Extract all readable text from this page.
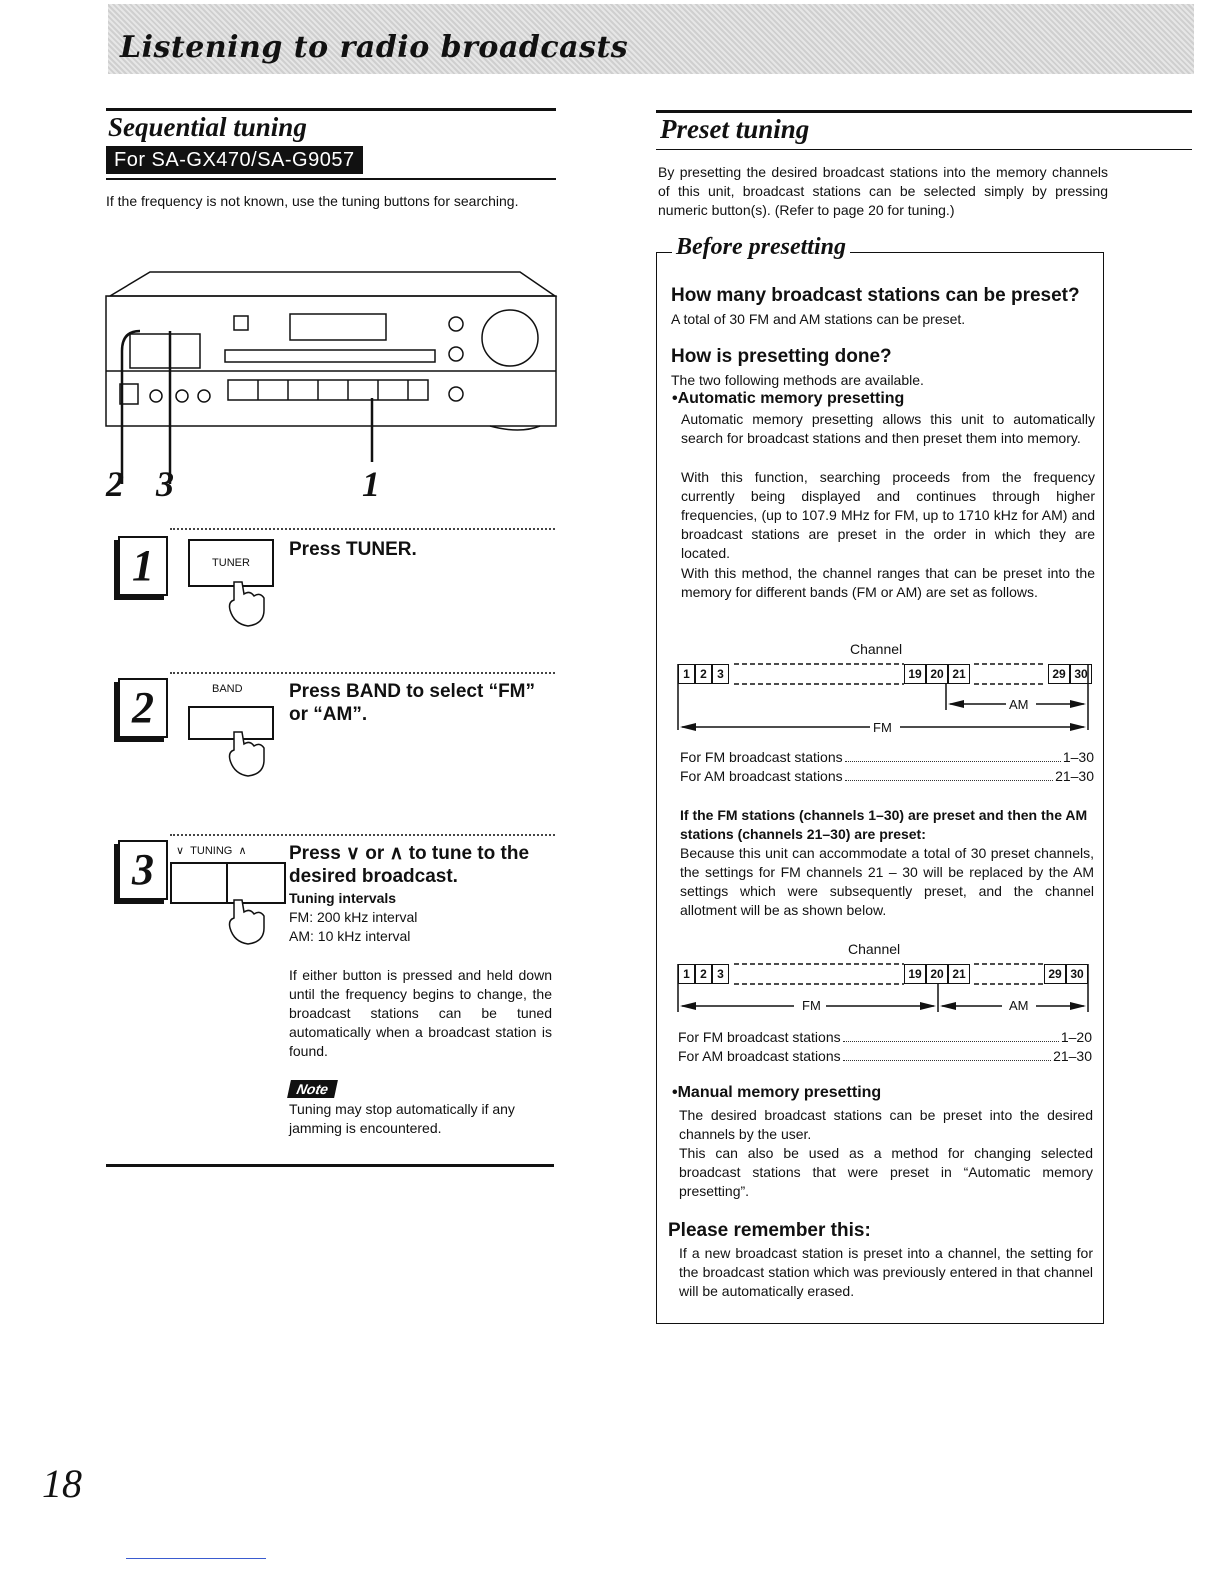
Listening to radio broadcasts
Sequential tuning
For SA-GX470/SA-G9057
If the frequency is not known, use the tuning buttons for searching.
2 3	1
1	TUNER
Press TUNER.
2	BAND Press BAND to select “FM” or “AM”.
3	∨  TUNING  ∧ Press ∨ or ∧ to tune to the desired broadcast.
Tuning intervals
FM: 200 kHz interval
AM: 10 kHz interval
If either button is pressed and held down until the frequency begins to change, the broadcast stations can be tuned automatically when a broadcast station is found.
Note
Tuning may stop automatically if any jamming is encountered.
Preset tuning
By presetting the desired broadcast stations into the memory channels of this unit, broadcast stations can be selected simply by pressing numeric button(s). (Refer to page 20 for tuning.)
Before presetting
How many broadcast stations can be preset?
A total of 30 FM and AM stations can be preset.
How is presetting done?
The two following methods are available.
•Automatic memory presetting
Automatic memory presetting allows this unit to automatically search for broadcast stations and then preset them into memory.
With this function, searching proceeds from the frequency currently being displayed and continues through higher frequencies, (up to 107.9 MHz for FM, up to 1710 kHz for AM) and broadcast stations are preset in the order in which they are located.
With this method, the channel ranges that can be preset into the memory for different bands (FM or AM) are set as follows.
Channel
1 2 3	19 20 21	29 30
AM
FM
For FM broadcast stations	1–30
For AM broadcast stations	21–30
If the FM stations (channels 1–30) are preset and then the AM stations (channels 21–30) are preset:
Because this unit can accommodate a total of 30 preset channels, the settings for FM channels 21 – 30 will be replaced by the AM settings which were subsequently preset, and the channel allotment will be as shown below.
Channel
1 2 3	19 20 21	29 30
FM	AM
For FM broadcast stations	1–20
For AM broadcast stations	21–30
•Manual memory presetting
The desired broadcast stations can be preset into the desired channels by the user.
This can also be used as a method for changing selected broadcast stations that were preset in “Automatic memory presetting”.
Please remember this:
If a new broadcast station is preset into a channel, the setting for the broadcast station which was previously entered in that channel will be automatically erased.
18
